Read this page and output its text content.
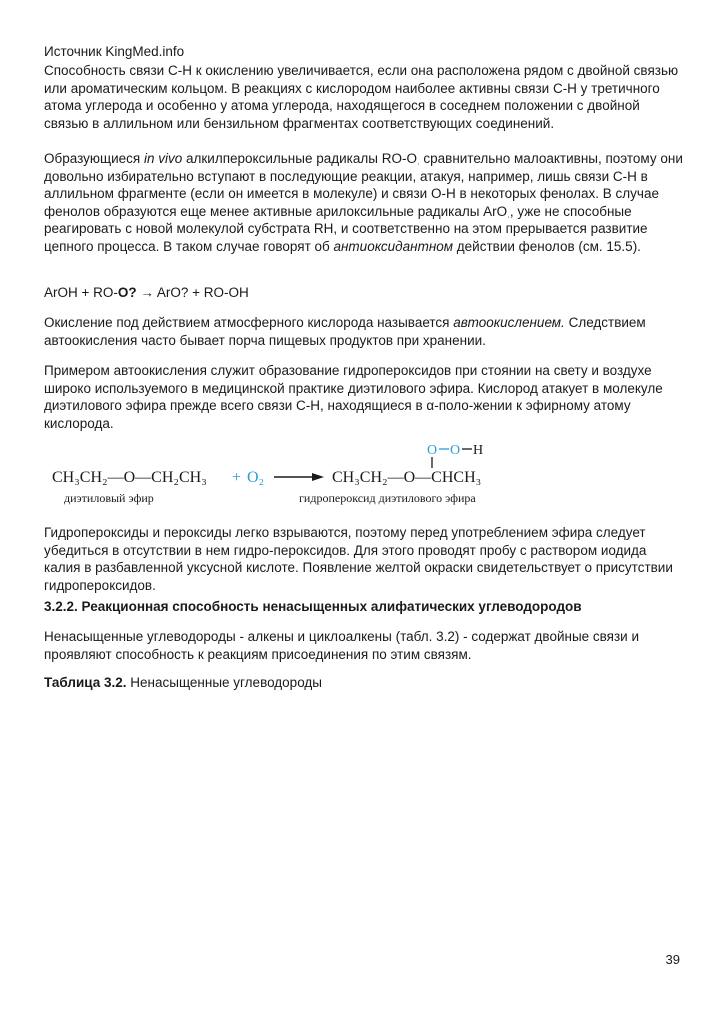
Источник KingMed.info
Способность связи С-Н к окислению увеличивается, если она расположена рядом с двойной связью или ароматическим кольцом. В реакциях с кислородом наиболее активны связи С-Н у третичного атома углерода и особенно у атома углерода, находящегося в соседнем положении с двойной связью в аллильном или бензильном фрагментах соответствующих соединений.
Образующиеся in vivo алкилпероксильные радикалы $RO-O_\cdot$ сравнительно малоактивны, поэтому они довольно избирательно вступают в последующие реакции, атакуя, например, лишь связи С-Н в аллильном фрагменте (если он имеется в молекуле) и связи О-Н в некоторых фенолах. В случае фенолов образуются еще менее активные арилоксильные радикалы ArO$_\cdot$, уже не способные реагировать с новой молекулой субстрата RH, и соответственно на этом прерывается развитие цепного процесса. В таком случае говорят об антиоксидантном действии фенолов (см. 15.5).
ArOH + RO-O? → ArO? + RO-OH
Окисление под действием атмосферного кислорода называется автоокислением. Следствием автоокисления часто бывает порча пищевых продуктов при хранении.
Примером автоокисления служит образование гидропероксидов при стоянии на свету и воздухе широко используемого в медицинской практике диэтилового эфира. Кислород атакует в молекуле диэтилового эфира прежде всего связи С-Н, находящиеся в α-поло-жении к эфирному атому кислорода.
CH₃CH₂—O—CH₂CH₃ + O₂	CH₃CH₂—O—CHCH₃
O O H
диэтиловый эфир	гидропероксид диэтилового эфира
Гидропероксиды и пероксиды легко взрываются, поэтому перед употреблением эфира следует убедиться в отсутствии в нем гидро-пероксидов. Для этого проводят пробу с раствором иодида калия в разбавленной уксусной кислоте. Появление желтой окраски свидетельствует о присутствии гидропероксидов.
3.2.2. Реакционная способность ненасыщенных алифатических углеводородов
Ненасыщенные углеводороды - алкены и циклоалкены (табл. 3.2) - содержат двойные связи и проявляют способность к реакциям присоединения по этим связям.
Таблица 3.2. Ненасыщенные углеводороды
39
